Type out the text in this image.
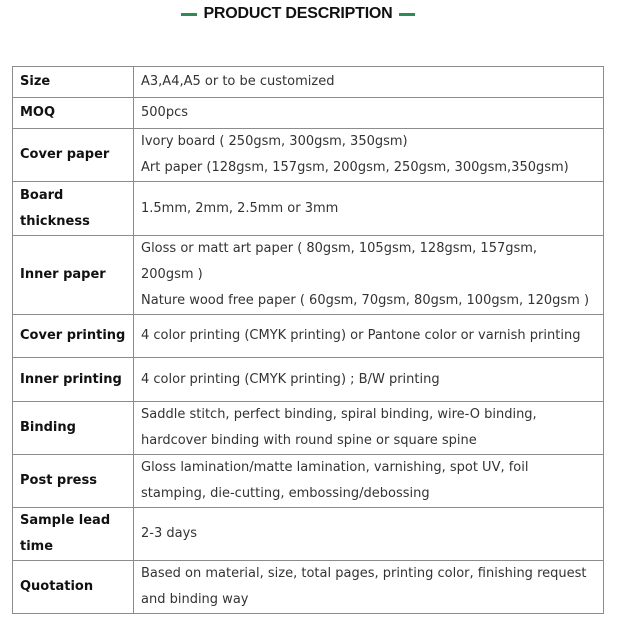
PRODUCT DESCRIPTION
Size	A3,A4,A5 or to be customized

MOQ	500pcs

Cover paper	Ivory board ( 250gsm, 300gsm, 350gsm)
Art paper (128gsm, 157gsm, 200gsm, 250gsm, 300gsm,350gsm)

Board
thickness	1.5mm, 2mm, 2.5mm or 3mm

Inner paper	Gloss or matt art paper ( 80gsm, 105gsm, 128gsm, 157gsm,
200gsm )
Nature wood free paper ( 60gsm, 70gsm, 80gsm, 100gsm, 120gsm )

Cover printing	4 color printing (CMYK printing) or Pantone color or varnish printing

Inner printing	4 color printing (CMYK printing) ; B/W printing

Binding	Saddle stitch, perfect binding, spiral binding, wire-O binding,
hardcover binding with round spine or square spine

Post press	Gloss lamination/matte lamination, varnishing, spot UV, foil
stamping, die-cutting, embossing/debossing

Sample lead
time	2-3 days

Quotation	Based on material, size, total pages, printing color, finishing request
and binding way
